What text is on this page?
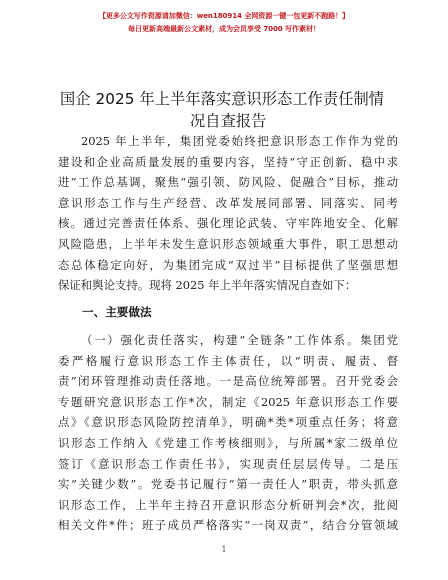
【更多公文写作资源请加微信：wen180914 全网资源一键一包更新不跑路！】
每日更新高端最新公文素材，成为会员享受 7000 写作素材！
国企 2025 年上半年落实意识形态工作责任制情
况自查报告
2025 年上半年，集团党委始终把意识形态工作作为党的
建设和企业高质量发展的重要内容，坚持“守正创新、稳中求
进”工作总基调，聚焦“强引领、防风险、促融合”目标，推动
意识形态工作与生产经营、改革发展同部署、同落实、同考
核。通过完善责任体系、强化理论武装、守牢阵地安全、化解
风险隐患，上半年未发生意识形态领域重大事件，职工思想动
态总体稳定向好，为集团完成“双过半”目标提供了坚强思想
保证和舆论支持。现将 2025 年上半年落实情况自查如下：
一、主要做法
（一）强化责任落实，构建“全链条”工作体系。集团党
委严格履行意识形态工作主体责任，以“明责、履责、督
责”闭环管理推动责任落地。一是高位统筹部署。召开党委会
专题研究意识形态工作*次，制定《2025 年意识形态工作要
点》《意识形态风险防控清单》，明确*类*项重点任务；将意
识形态工作纳入《党建工作考核细则》，与所属*家二级单位
签订《意识形态工作责任书》，实现责任层层传导。二是压
实“关键少数”。党委书记履行“第一责任人”职责，带头抓意
识形态工作，上半年主持召开意识形态分析研判会*次，批阅
相关文件*件；班子成员严格落实“一岗双责”，结合分管领域
1
